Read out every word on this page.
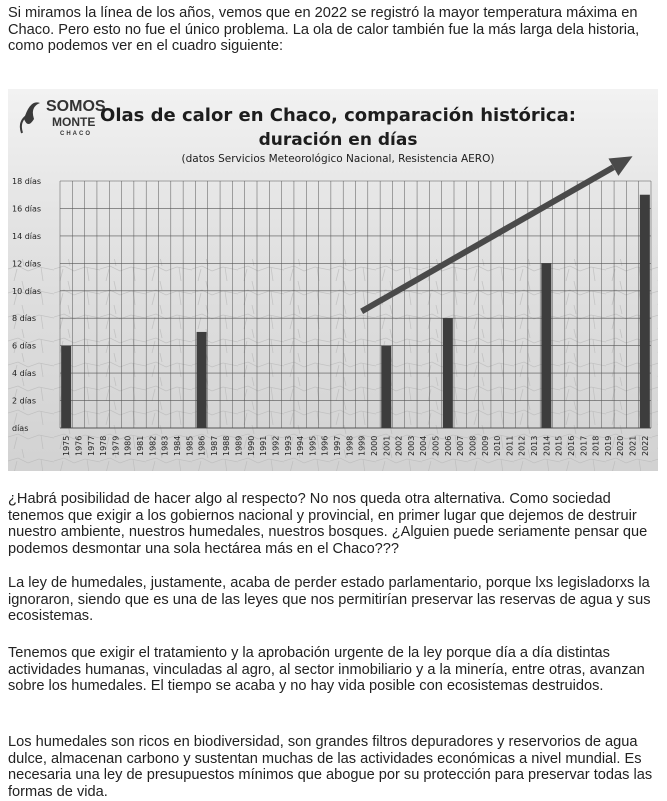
Si miramos la línea de los años, vemos que en 2022 se registró la mayor temperatura máxima en Chaco. Pero esto no fue el único problema. La ola de calor también fue la más larga dela historia, como podemos ver en el cuadro siguiente:

SOMOS
MONTE
CHACO
Olas de calor en Chaco, comparación histórica:
duración en días
(datos Servicios Meteorológico Nacional, Resistencia AERO)
días
2 días
4 días
6 días
8 días
10 días
12 días
14 días
16 días
18 días
1975 1976 1977 1978 1979 1980 1981 1982 1983 1984 1985 1986 1987 1988 1989 1990 1991 1992 1993 1994 1995 1996 1997 1998 1999 2000 2001 2002 2003 2004 2005 2006 2007 2008 2009 2010 2011 2012 2013 2014 2015 2016 2017 2018 2019 2020 2021 2022

¿Habrá posibilidad de hacer algo al respecto? No nos queda otra alternativa. Como sociedad tenemos que exigir a los gobiernos nacional y provincial, en primer lugar que dejemos de destruir nuestro ambiente, nuestros humedales, nuestros bosques. ¿Alguien puede seriamente pensar que podemos desmontar una sola hectárea más en el Chaco???

La ley de humedales, justamente, acaba de perder estado parlamentario, porque lxs legisladorxs la ignoraron, siendo que es una de las leyes que nos permitirían preservar las reservas de agua y sus ecosistemas.

Tenemos que exigir el tratamiento y la aprobación urgente de la ley porque día a día distintas actividades humanas, vinculadas al agro, al sector inmobiliario y a la minería, entre otras, avanzan sobre los humedales. El tiempo se acaba y no hay vida posible con ecosistemas destruidos.

Los humedales son ricos en biodiversidad, son grandes filtros depuradores y reservorios de agua dulce, almacenan carbono y sustentan muchas de las actividades económicas a nivel mundial. Es necesaria una ley de presupuestos mínimos que abogue por su protección para preservar todas las formas de vida.
